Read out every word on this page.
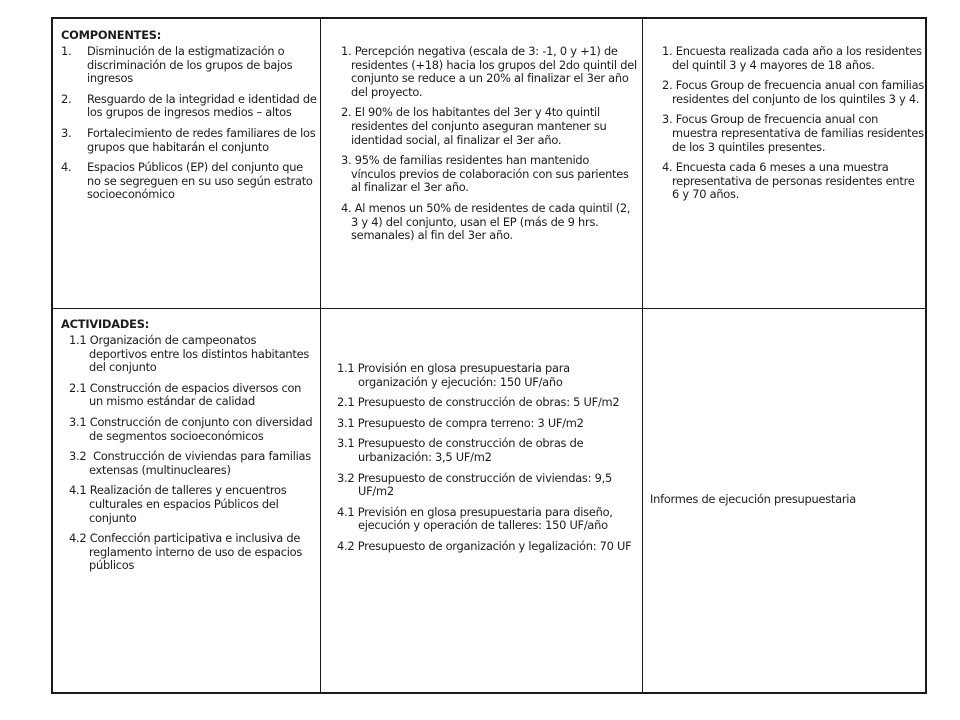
COMPONENTES:
1. Disminución de la estigmatización o discriminación de los grupos de bajos ingresos
2. Resguardo de la integridad e identidad de los grupos de ingresos medios – altos
3. Fortalecimiento de redes familiares de los grupos que habitarán el conjunto
4. Espacios Públicos (EP) del conjunto que no se segreguen en su uso según estrato socioeconómico
1. Percepción negativa (escala de 3: -1, 0 y +1) de residentes (+18) hacia los grupos del 2do quintil del conjunto se reduce a un 20% al finalizar el 3er año del proyecto.
2. El 90% de los habitantes del 3er y 4to quintil residentes del conjunto aseguran mantener su identidad social, al finalizar el 3er año.
3. 95% de familias residentes han mantenido vínculos previos de colaboración con sus parientes al finalizar el 3er año.
4. Al menos un 50% de residentes de cada quintil (2, 3 y 4) del conjunto, usan el EP (más de 9 hrs. semanales) al fin del 3er año.
1. Encuesta realizada cada año a los residentes del quintil 3 y 4 mayores de 18 años.
2. Focus Group de frecuencia anual con familias residentes del conjunto de los quintiles 3 y 4.
3. Focus Group de frecuencia anual con muestra representativa de familias residentes de los 3 quintiles presentes.
4. Encuesta cada 6 meses a una muestra representativa de personas residentes entre 6 y 70 años.
ACTIVIDADES:
1.1 Organización de campeonatos deportivos entre los distintos habitantes del conjunto
2.1 Construcción de espacios diversos con un mismo estándar de calidad
3.1 Construcción de conjunto con diversidad de segmentos socioeconómicos
3.2 Construcción de viviendas para familias extensas (multinucleares)
4.1 Realización de talleres y encuentros culturales en espacios Públicos del conjunto
4.2 Confección participativa e inclusiva de reglamento interno de uso de espacios públicos
1.1 Provisión en glosa presupuestaria para organización y ejecución: 150 UF/año
2.1 Presupuesto de construcción de obras: 5 UF/m2
3.1 Presupuesto de compra terreno: 3 UF/m2
3.1 Presupuesto de construcción de obras de urbanización: 3,5 UF/m2
3.2 Presupuesto de construcción de viviendas: 9,5 UF/m2
4.1 Previsión en glosa presupuestaria para diseño, ejecución y operación de talleres: 150 UF/año
4.2 Presupuesto de organización y legalización: 70 UF

Informes de ejecución presupuestaria
